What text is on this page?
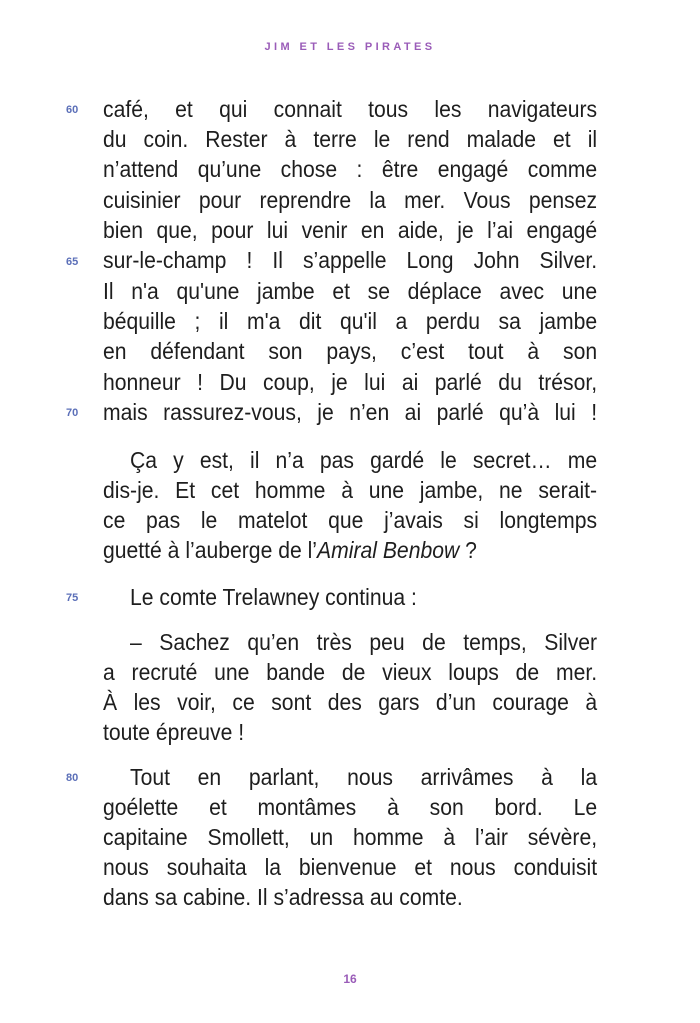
JIM ET LES PIRATES
60
65
70
75
80
café, et qui connait tous les navigateurs
du coin. Rester à terre le rend malade et il
n’attend qu’une chose : être engagé comme
cuisinier pour reprendre la mer. Vous pensez
bien que, pour lui venir en aide, je l’ai engagé
sur-le-champ ! Il s’appelle Long John Silver.
Il n'a qu'une jambe et se déplace avec une
béquille ; il m'a dit qu'il a perdu sa jambe
en défendant son pays, c’est tout à son
honneur ! Du coup, je lui ai parlé du trésor,
mais rassurez-vous, je n’en ai parlé qu’à lui !
Ça y est, il n’a pas gardé le secret… me
dis-je. Et cet homme à une jambe, ne serait-
ce pas le matelot que j’avais si longtemps
guetté à l’auberge de l’Amiral Benbow ?
Le comte Trelawney continua :
– Sachez qu’en très peu de temps, Silver
a recruté une bande de vieux loups de mer.
À les voir, ce sont des gars d’un courage à
toute épreuve !
Tout en parlant, nous arrivâmes à la
goélette et montâmes à son bord. Le
capitaine Smollett, un homme à l’air sévère,
nous souhaita la bienvenue et nous conduisit
dans sa cabine. Il s’adressa au comte.
16
